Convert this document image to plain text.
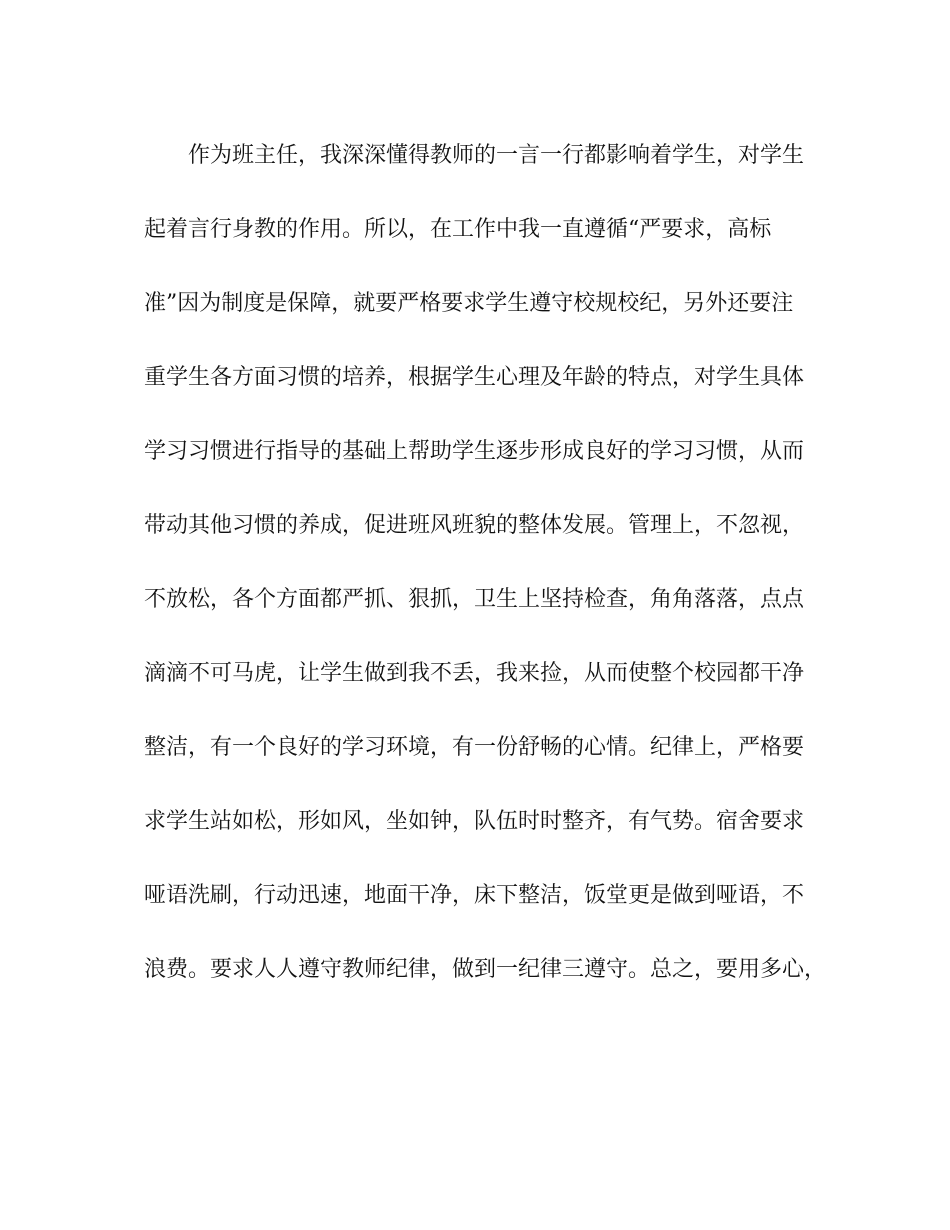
作为班主任，我深深懂得教师的一言一行都影响着学生，对学生

起着言行身教的作用。所以，在工作中我一直遵循“严要求，高标

准”因为制度是保障，就要严格要求学生遵守校规校纪，另外还要注

重学生各方面习惯的培养，根据学生心理及年龄的特点，对学生具体

学习习惯进行指导的基础上帮助学生逐步形成良好的学习习惯，从而

带动其他习惯的养成，促进班风班貌的整体发展。管理上，不忽视，

不放松，各个方面都严抓、狠抓，卫生上坚持检查，角角落落，点点

滴滴不可马虎，让学生做到我不丢，我来捡，从而使整个校园都干净

整洁，有一个良好的学习环境，有一份舒畅的心情。纪律上，严格要

求学生站如松，形如风，坐如钟，队伍时时整齐，有气势。宿舍要求

哑语洗刷，行动迅速，地面干净，床下整洁，饭堂更是做到哑语，不

浪费。要求人人遵守教师纪律，做到一纪律三遵守。总之，要用多心，
